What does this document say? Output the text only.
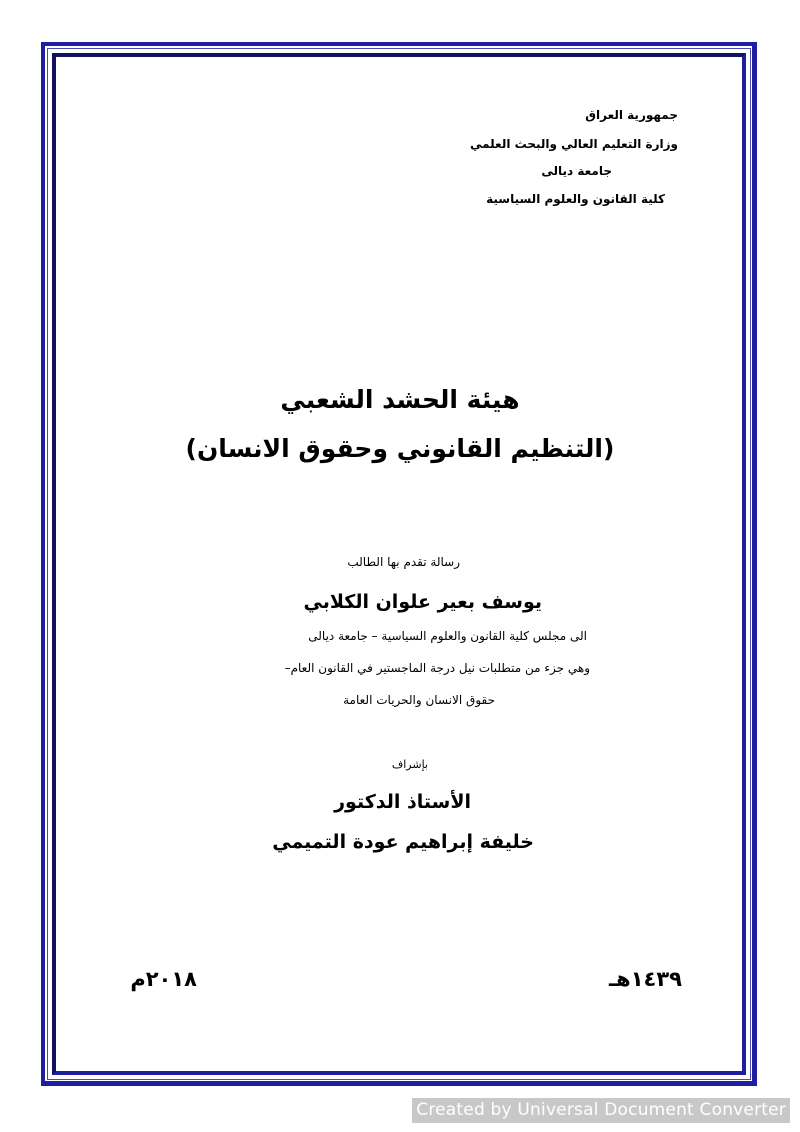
جمهورية العراق

وزارة التعليم العالي والبحث العلمي

جامعة ديالى

كلية القانون والعلوم السياسية

هيئة الحشد الشعبي

(التنظيم القانوني وحقوق الانسان)

رسالة تقدم بها الطالب

يوسف بعير علوان الكلابي

الى مجلس كلية القانون والعلوم السياسية – جامعة ديالى

وهي جزء من متطلبات نيل درجة الماجستير في القانون العام–

حقوق الانسان والحريات العامة

بإشراف

الأستاذ الدكتور

خليفة إبراهيم عودة التميمي

١٤٣٩هـ

٢٠١٨م

Created by Universal Document Converter
